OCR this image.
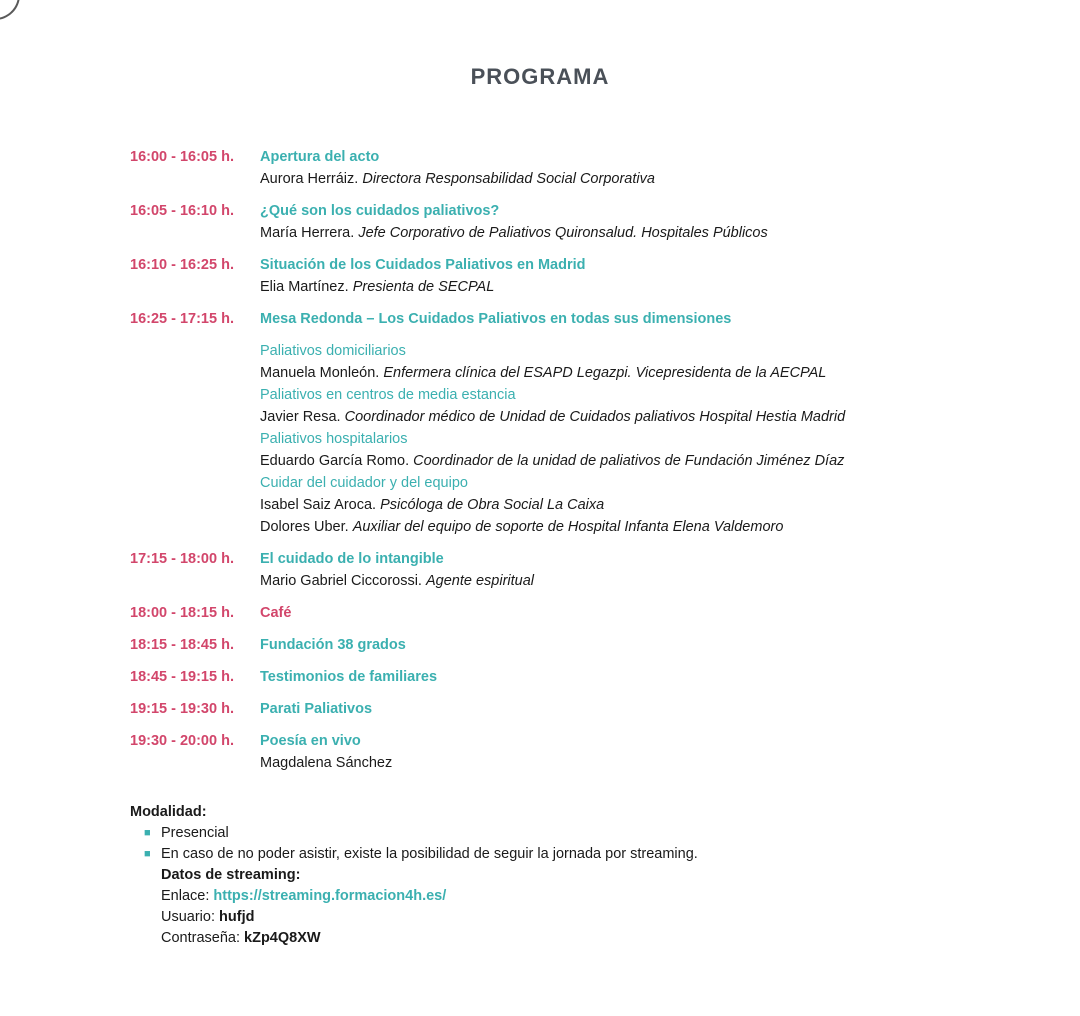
PROGRAMA
16:00 - 16:05 h.	Apertura del acto
Aurora Herráiz. Directora Responsabilidad Social Corporativa
16:05 - 16:10 h.	¿Qué son los cuidados paliativos?
María Herrera. Jefe Corporativo de Paliativos Quironsalud. Hospitales Públicos
16:10 - 16:25 h.	Situación de los Cuidados Paliativos en Madrid
Elia Martínez. Presienta de SECPAL
16:25 - 17:15 h.	Mesa Redonda – Los Cuidados Paliativos en todas sus dimensiones
Paliativos domiciliarios
Manuela Monleón. Enfermera clínica del ESAPD Legazpi. Vicepresidenta de la AECPAL
Paliativos en centros de media estancia
Javier Resa. Coordinador médico de Unidad de Cuidados paliativos Hospital Hestia Madrid
Paliativos hospitalarios
Eduardo García Romo. Coordinador de la unidad de paliativos de Fundación Jiménez Díaz
Cuidar del cuidador y del equipo
Isabel Saiz Aroca. Psicóloga de Obra Social La Caixa
Dolores Uber. Auxiliar del equipo de soporte de Hospital Infanta Elena Valdemoro
17:15 - 18:00 h.	El cuidado de lo intangible
Mario Gabriel Ciccorossi. Agente espiritual
18:00 - 18:15 h.	Café
18:15 - 18:45 h.	Fundación 38 grados
18:45 - 19:15 h.	Testimonios de familiares
19:15 - 19:30 h.	Parati Paliativos
19:30 - 20:00 h.	Poesía en vivo
Magdalena Sánchez
Modalidad:
■ Presencial
■ En caso de no poder asistir, existe la posibilidad de seguir la jornada por streaming.
Datos de streaming:
Enlace: https://streaming.formacion4h.es/
Usuario: hufjd
Contraseña: kZp4Q8XW
